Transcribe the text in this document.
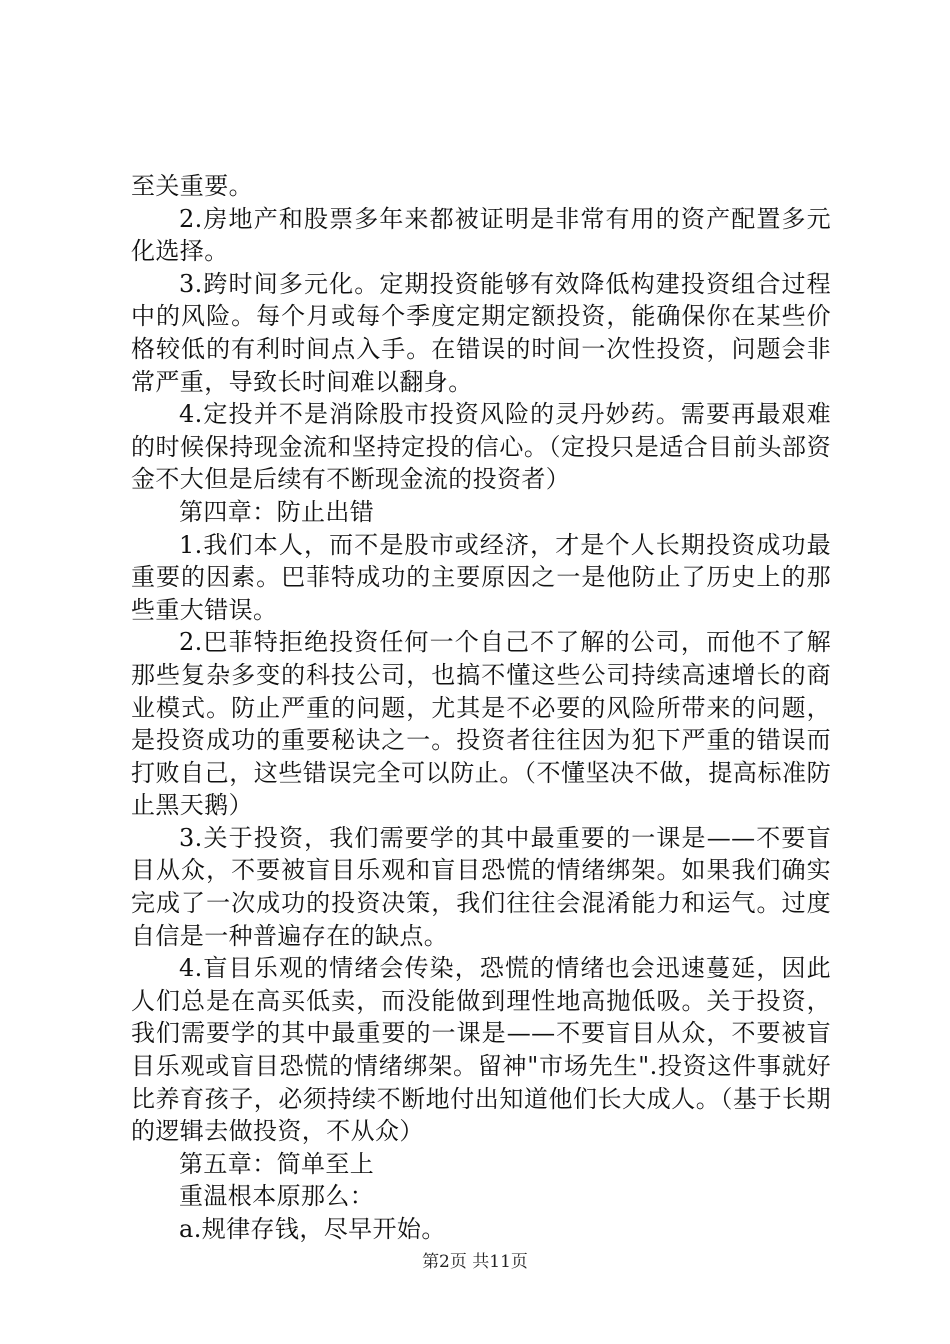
至关重要。

2.房地产和股票多年来都被证明是非常有用的资产配置多元化选择。

3.跨时间多元化。定期投资能够有效降低构建投资组合过程中的风险。每个月或每个季度定期定额投资，能确保你在某些价格较低的有利时间点入手。在错误的时间一次性投资，问题会非常严重，导致长时间难以翻身。

4.定投并不是消除股市投资风险的灵丹妙药。需要再最艰难的时候保持现金流和坚持定投的信心。（定投只是适合目前头部资金不大但是后续有不断现金流的投资者）

第四章：防止出错

1.我们本人，而不是股市或经济，才是个人长期投资成功最重要的因素。巴菲特成功的主要原因之一是他防止了历史上的那些重大错误。

2.巴菲特拒绝投资任何一个自己不了解的公司，而他不了解那些复杂多变的科技公司，也搞不懂这些公司持续高速增长的商业模式。防止严重的问题，尤其是不必要的风险所带来的问题，是投资成功的重要秘诀之一。投资者往往因为犯下严重的错误而打败自己，这些错误完全可以防止。（不懂坚决不做，提高标准防止黑天鹅）

3.关于投资，我们需要学的其中最重要的一课是——不要盲目从众，不要被盲目乐观和盲目恐慌的情绪绑架。如果我们确实完成了一次成功的投资决策，我们往往会混淆能力和运气。过度自信是一种普遍存在的缺点。

4.盲目乐观的情绪会传染，恐慌的情绪也会迅速蔓延，因此人们总是在高买低卖，而没能做到理性地高抛低吸。关于投资，我们需要学的其中最重要的一课是——不要盲目从众，不要被盲目乐观或盲目恐慌的情绪绑架。留神"市场先生".投资这件事就好比养育孩子，必须持续不断地付出知道他们长大成人。（基于长期的逻辑去做投资，不从众）

第五章：简单至上

重温根本原那么：

a.规律存钱，尽早开始。

第2页 共11页
